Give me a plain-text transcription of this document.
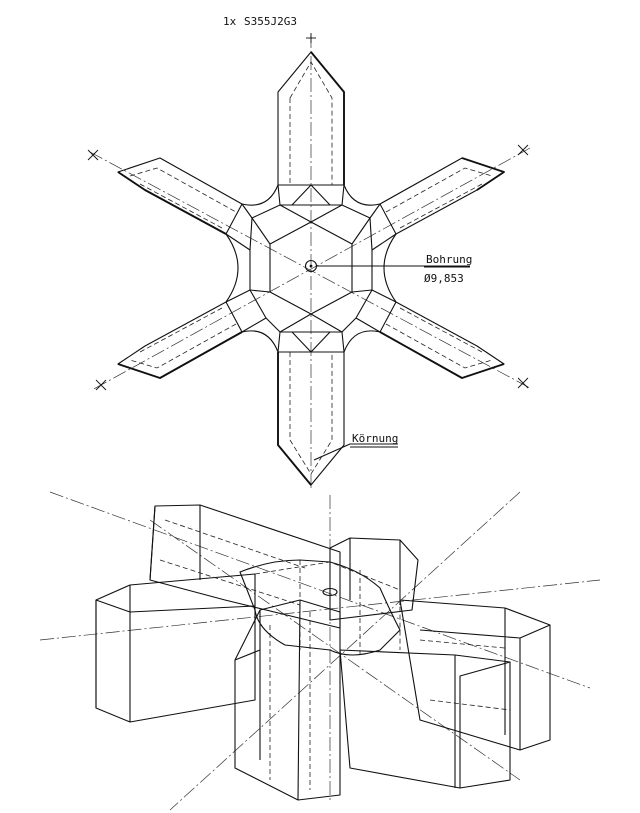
1x S355J2G3
Bohrung
Ø9,853
Körnung
